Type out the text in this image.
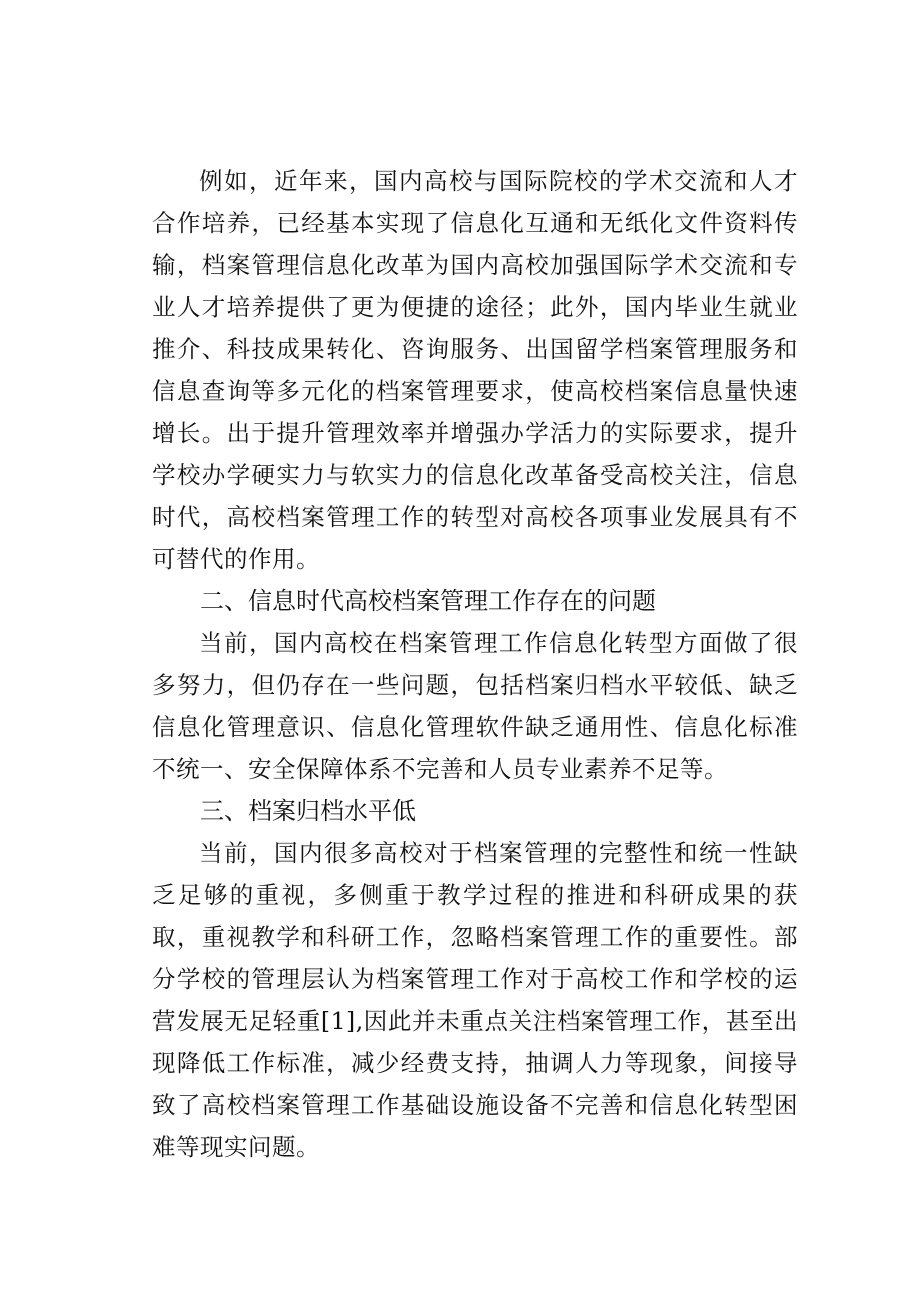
例如，近年来，国内高校与国际院校的学术交流和人才合作培养，已经基本实现了信息化互通和无纸化文件资料传输，档案管理信息化改革为国内高校加强国际学术交流和专业人才培养提供了更为便捷的途径；此外，国内毕业生就业推介、科技成果转化、咨询服务、出国留学档案管理服务和信息查询等多元化的档案管理要求，使高校档案信息量快速增长。出于提升管理效率并增强办学活力的实际要求，提升学校办学硬实力与软实力的信息化改革备受高校关注，信息时代，高校档案管理工作的转型对高校各项事业发展具有不可替代的作用。

二、信息时代高校档案管理工作存在的问题

当前，国内高校在档案管理工作信息化转型方面做了很多努力，但仍存在一些问题，包括档案归档水平较低、缺乏信息化管理意识、信息化管理软件缺乏通用性、信息化标准不统一、安全保障体系不完善和人员专业素养不足等。

三、档案归档水平低

当前，国内很多高校对于档案管理的完整性和统一性缺乏足够的重视，多侧重于教学过程的推进和科研成果的获取，重视教学和科研工作，忽略档案管理工作的重要性。部分学校的管理层认为档案管理工作对于高校工作和学校的运营发展无足轻重[1],因此并未重点关注档案管理工作，甚至出现降低工作标准，减少经费支持，抽调人力等现象，间接导致了高校档案管理工作基础设施设备不完善和信息化转型困难等现实问题。
